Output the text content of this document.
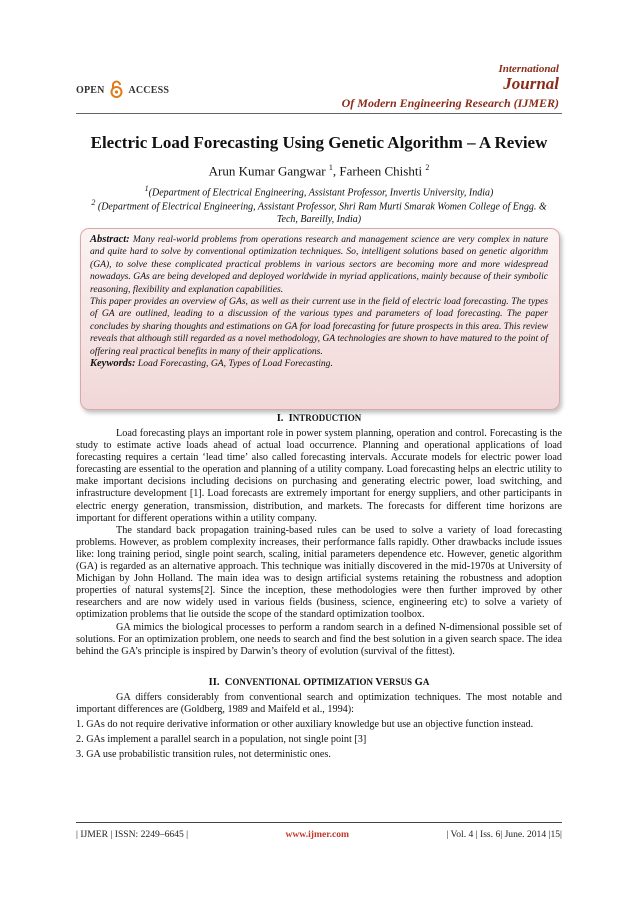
OPEN ACCESS
International
Journal
Of Modern Engineering Research (IJMER)
Electric Load Forecasting Using Genetic Algorithm – A Review
Arun Kumar Gangwar $^1$, Farheen Chishti $^2$
$^1$(Department of Electrical Engineering, Assistant Professor, Invertis University, India)
$^2$ (Department of Electrical Engineering, Assistant Professor, Shri Ram Murti Smarak Women College of Engg. & Tech, Bareilly, India)

Abstract: Many real-world problems from operations research and management science are very complex in nature and quite hard to solve by conventional optimization techniques. So, intelligent solutions based on genetic algorithm (GA), to solve these complicated practical problems in various sectors are becoming more and more widespread nowadays. GAs are being developed and deployed worldwide in myriad applications, mainly because of their symbolic reasoning, flexibility and explanation capabilities.

This paper provides an overview of GAs, as well as their current use in the field of electric load forecasting. The types of GA are outlined, leading to a discussion of the various types and parameters of load forecasting. The paper concludes by sharing thoughts and estimations on GA for load forecasting for future prospects in this area. This review reveals that although still regarded as a novel methodology, GA technologies are shown to have matured to the point of offering real practical benefits in many of their applications.

Keywords: Load Forecasting, GA, Types of Load Forecasting.

I. INTRODUCTION

Load forecasting plays an important role in power system planning, operation and control. Forecasting is the study to estimate active loads ahead of actual load occurrence. Planning and operational applications of load forecasting requires a certain ‘lead time’ also called forecasting intervals. Accurate models for electric power load forecasting are essential to the operation and planning of a utility company. Load forecasting helps an electric utility to make important decisions including decisions on purchasing and generating electric power, load switching, and infrastructure development [1]. Load forecasts are extremely important for energy suppliers, and other participants in electric energy generation, transmission, distribution, and markets. The forecasts for different time horizons are important for different operations within a utility company.

The standard back propagation training-based rules can be used to solve a variety of load forecasting problems. However, as problem complexity increases, their performance falls rapidly. Other drawbacks include issues like: long training period, single point search, scaling, initial parameters dependence etc. However, genetic algorithm (GA) is regarded as an alternative approach. This technique was initially discovered in the mid-1970s at University of Michigan by John Holland. The main idea was to design artificial systems retaining the robustness and adoption properties of natural systems[2]. Since the inception, these methodologies were then further improved by other researchers and are now widely used in various fields (business, science, engineering etc) to solve a variety of optimization problems that lie outside the scope of the standard optimization toolbox.

GA mimics the biological processes to perform a random search in a defined N-dimensional possible set of solutions. For an optimization problem, one needs to search and find the best solution in a given search space. The idea behind the GA’s principle is inspired by Darwin’s theory of evolution (survival of the fittest).

II. CONVENTIONAL OPTIMIZATION VERSUS GA

GA differs considerably from conventional search and optimization techniques. The most notable and important differences are (Goldberg, 1989 and Maifeld et al., 1994):

1. GAs do not require derivative information or other auxiliary knowledge but use an objective function instead.

2. GAs implement a parallel search in a population, not single point [3]

3. GA use probabilistic transition rules, not deterministic ones.

| IJMER | ISSN: 2249–6645 |	www.ijmer.com	| Vol. 4 | Iss. 6| June. 2014 |15|
